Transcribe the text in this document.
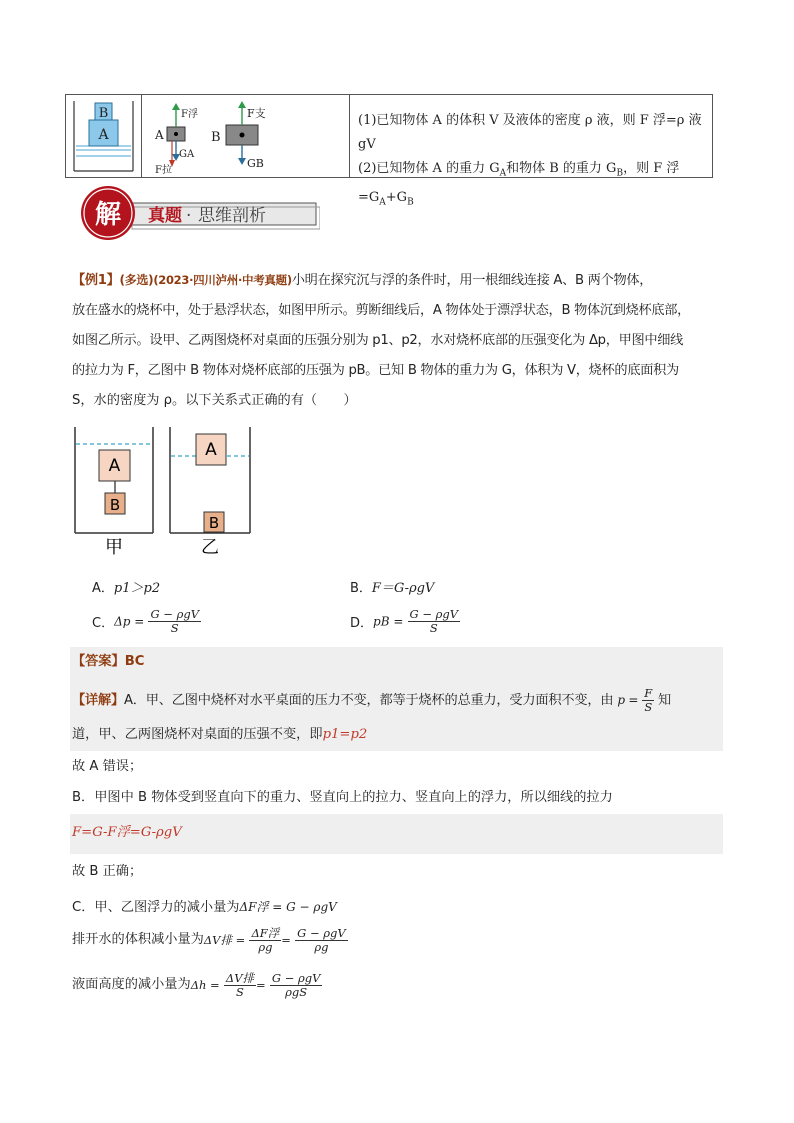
B
A	A
F浮
GA
F拉
B
F支
GB
(1)已知物体 A 的体积 V 及液体的密度 ρ 液，则 F 浮=ρ 液 gV
(2)已知物体 A 的重力 $G_A$和物体 B 的重力 $G_B$，则 F 浮 $=G_A+G_B$
解 真题 · 思维剖析
【例1】(多选)(2023·四川泸州·中考真题)小明在探究沉与浮的条件时，用一根细线连接 A、B 两个物体，
放在盛水的烧杯中，处于悬浮状态，如图甲所示。剪断细线后，A 物体处于漂浮状态，B 物体沉到烧杯底部，
如图乙所示。设甲、乙两图烧杯对桌面的压强分别为 p1、p2，水对烧杯底部的压强变化为 Δp，甲图中细线
的拉力为 F，乙图中 B 物体对烧杯底部的压强为 pB。已知 B 物体的重力为 G，体积为 V，烧杯的底面积为
S，水的密度为 ρ。以下关系式正确的有（　　）
A
B
甲
A
B
乙
A．p1＞p2	B．F＝G-ρgV
C．$\Delta p = \frac{\text{G − ρgV}}{S}$	D．pB = $\frac{\text{G − ρgV}}{S}$
【答案】BC
【详解】A．甲、乙图中烧杯对水平桌面的压力不变，都等于烧杯的总重力，受力面积不变，由 $p = \frac{F}{S}$ 知
道，甲、乙两图烧杯对桌面的压强不变，即p1=p2
故 A 错误；
B．甲图中 B 物体受到竖直向下的重力、竖直向上的拉力、竖直向上的浮力，所以细线的拉力
F=G-F浮=G-ρgV
故 B 正确；
C．甲、乙图浮力的减小量为ΔF浮 = G − ρgV
排开水的体积减小量为ΔV排 = $\frac{\text{ΔF浮}}{\rho g} = \frac{\text{G − ρgV}}{\rho g}$
液面高度的减小量为$\Delta h = \frac{\text{ΔV排}}{S} = \frac{\text{G − ρgV}}{\text{ρgS}}$
